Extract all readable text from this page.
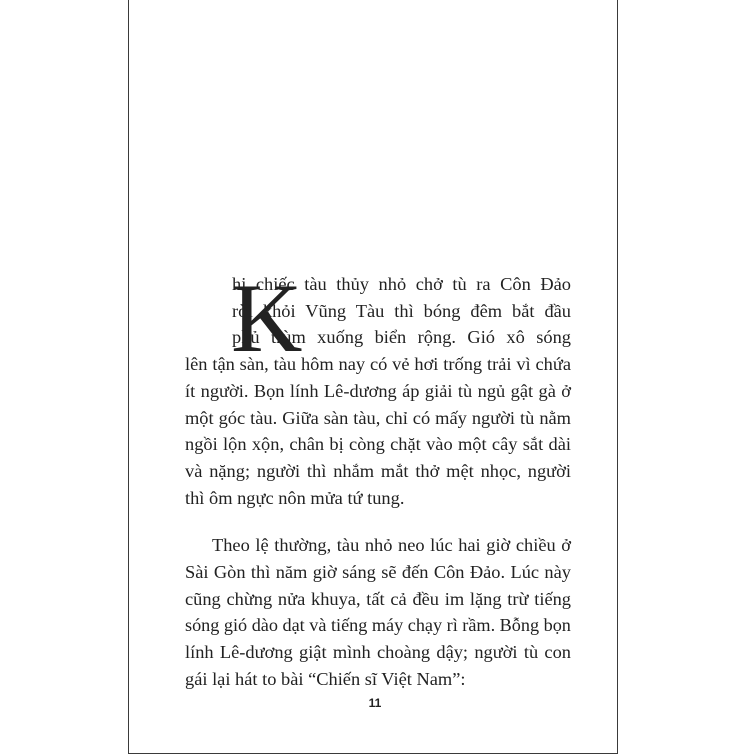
K
hi chiếc tàu thủy nhỏ chở tù ra Côn Đảo
rời khỏi Vũng Tàu thì bóng đêm bắt đầu
phủ trùm xuống biển rộng. Gió xô sóng
lên tận sàn, tàu hôm nay có vẻ hơi trống trải vì chứa
ít người. Bọn lính Lê-dương áp giải tù ngủ gật gà ở
một góc tàu. Giữa sàn tàu, chỉ có mấy người tù nằm
ngồi lộn xộn, chân bị còng chặt vào một cây sắt dài
và nặng; người thì nhắm mắt thở mệt nhọc, người
thì ôm ngực nôn mửa tứ tung.
Theo lệ thường, tàu nhỏ neo lúc hai giờ chiều ở
Sài Gòn thì năm giờ sáng sẽ đến Côn Đảo. Lúc này
cũng chừng nửa khuya, tất cả đều im lặng trừ tiếng
sóng gió dào dạt và tiếng máy chạy rì rầm. Bỗng bọn
lính Lê-dương giật mình choàng dậy; người tù con
gái lại hát to bài “Chiến sĩ Việt Nam”:
11
